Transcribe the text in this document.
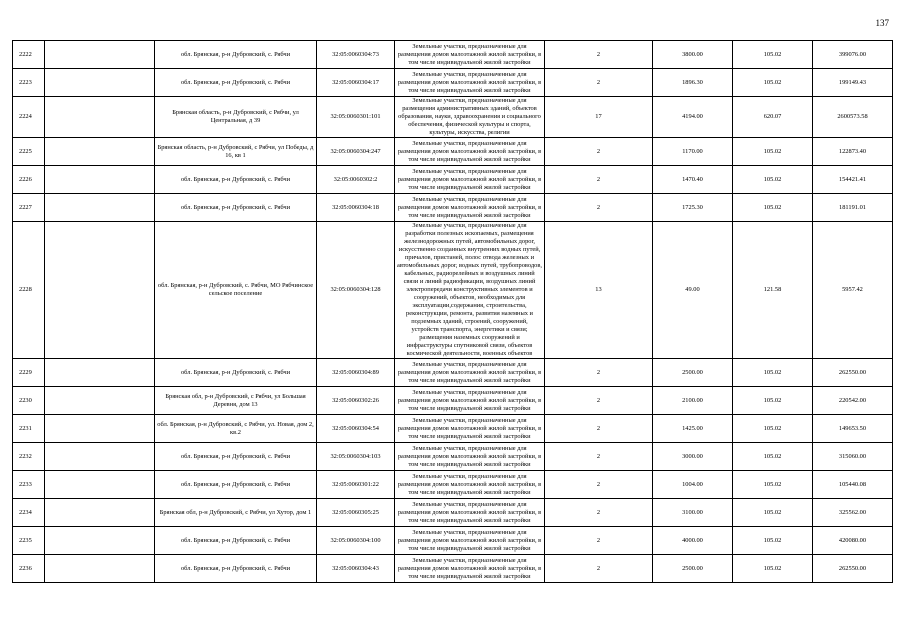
137
2222		обл. Брянская, р-н Дубровский, с. Рябчи	32:05:0060304:73	Земельные участки, предназначенные для размещения домов малоэтажной жилой застройки, в том числе индивидуальной жилой застройки	2	3800.00	105.02	399076.00
2223		обл. Брянская, р-н Дубровский, с. Рябчи	32:05:0060304:17	Земельные участки, предназначенные для размещения домов малоэтажной жилой застройки, в том числе индивидуальной жилой застройки	2	1896.30	105.02	199149.43
2224		Брянская область, р-н Дубровский, с Рябчи, ул Центральная, д 39	32:05:0060301:101	Земельные участки, предназначенные для размещения административных зданий, объектов образования, науки, здравоохранения и социального обеспечения, физической культуры и спорта, культуры, искусства, религии	17	4194.00	620.07	2600573.58
2225		Брянская область, р-н Дубровский, с Рябчи, ул Победы, д 16, кв 1	32:05:0060304:247	Земельные участки, предназначенные для размещения домов малоэтажной жилой застройки, в том числе индивидуальной жилой застройки	2	1170.00	105.02	122873.40
2226		обл. Брянская, р-н Дубровский, с. Рябчи	32:05:0060302:2	Земельные участки, предназначенные для размещения домов малоэтажной жилой застройки, в том числе индивидуальной жилой застройки	2	1470.40	105.02	154421.41
2227		обл. Брянская, р-н Дубровский, с. Рябчи	32:05:0060304:18	Земельные участки, предназначенные для размещения домов малоэтажной жилой застройки, в том числе индивидуальной жилой застройки	2	1725.30	105.02	181191.01
2228		обл. Брянская, р-н Дубровский, с. Рябчи, МО Рябчинское сельское поселение	32:05:0060304:128	Земельные участки, предназначенные для разработки полезных ископаемых, размещения железнодорожных путей, автомобильных дорог, искусственно созданных внутренних водных путей, причалов, пристаней, полос отвода железных и автомобильных дорог, водных путей, трубопроводов, кабельных, радиорелейных и воздушных линий связи и линий радиофикации, воздушных линий электропередачи конструктивных элементов и сооружений, объектов, необходимых для эксплуатации,содержания, строительства, реконструкции, ремонта, развития наземных и подземных зданий, строений, сооружений, устройств транспорта, энергетики и связи; размещения наземных сооружений и инфраструктуры спутниковой связи, объектов космической деятельности, военных объектов	13	49.00	121.58	5957.42
2229		обл. Брянская, р-н Дубровский, с. Рябчи	32:05:0060304:89	Земельные участки, предназначенные для размещения домов малоэтажной жилой застройки, в том числе индивидуальной жилой застройки	2	2500.00	105.02	262550.00
2230		Брянская обл, р-н Дубровский, с Рябчи, ул Большая Деревня, дом 13	32:05:0060302:26	Земельные участки, предназначенные для размещения домов малоэтажной жилой застройки, в том числе индивидуальной жилой застройки	2	2100.00	105.02	220542.00
2231		обл. Брянская, р-н Дубровский, с Рябчи, ул. Новая, дом 2, кв.2	32:05:0060304:54	Земельные участки, предназначенные для размещения домов малоэтажной жилой застройки, в том числе индивидуальной жилой застройки	2	1425.00	105.02	149653.50
2232		обл. Брянская, р-н Дубровский, с. Рябчи	32:05:0060304:103	Земельные участки, предназначенные для размещения домов малоэтажной жилой застройки, в том числе индивидуальной жилой застройки	2	3000.00	105.02	315060.00
2233		обл. Брянская, р-н Дубровский, с. Рябчи	32:05:0060301:22	Земельные участки, предназначенные для размещения домов малоэтажной жилой застройки, в том числе индивидуальной жилой застройки	2	1004.00	105.02	105440.08
2234		Брянская обл, р-н Дубровский, с Рябчи, ул Хутор, дом 1	32:05:0060305:25	Земельные участки, предназначенные для размещения домов малоэтажной жилой застройки, в том числе индивидуальной жилой застройки	2	3100.00	105.02	325562.00
2235		обл. Брянская, р-н Дубровский, с. Рябчи	32:05:0060304:100	Земельные участки, предназначенные для размещения домов малоэтажной жилой застройки, в том числе индивидуальной жилой застройки	2	4000.00	105.02	420080.00
2236		обл. Брянская, р-н Дубровский, с. Рябчи	32:05:0060304:43	Земельные участки, предназначенные для размещения домов малоэтажной жилой застройки, в том числе индивидуальной жилой застройки	2	2500.00	105.02	262550.00
